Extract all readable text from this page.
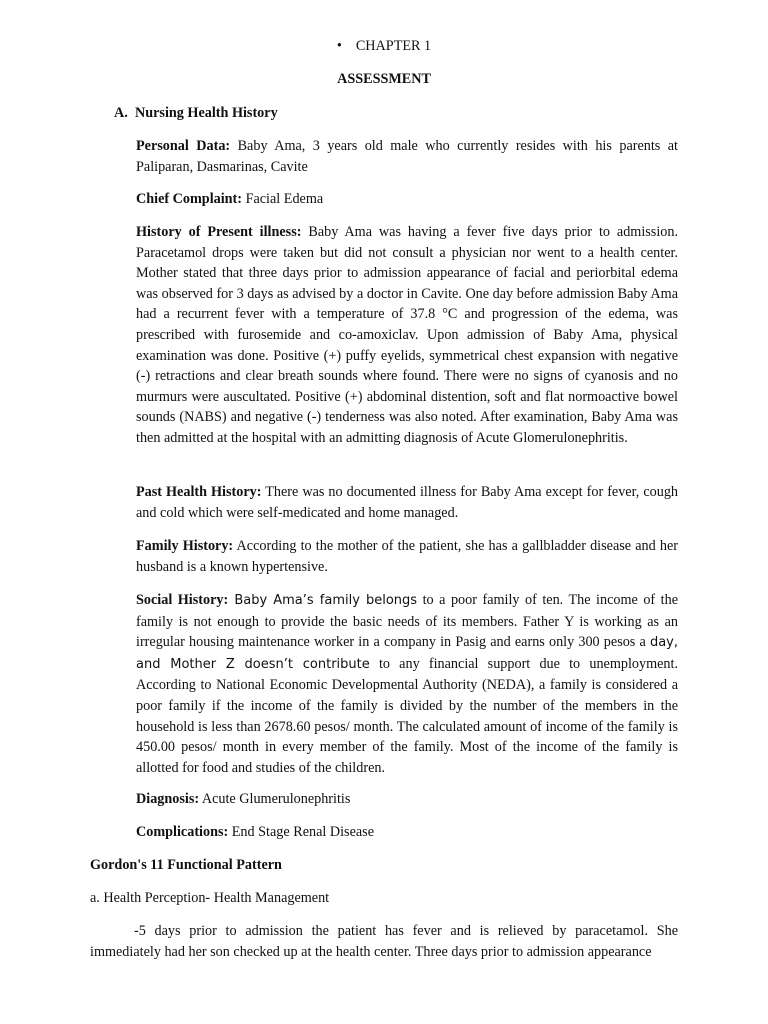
• CHAPTER 1
ASSESSMENT
A. Nursing Health History
Personal Data: Baby Ama, 3 years old male who currently resides with his parents at Paliparan, Dasmarinas, Cavite
Chief Complaint: Facial Edema
History of Present illness: Baby Ama was having a fever five days prior to admission. Paracetamol drops were taken but did not consult a physician nor went to a health center. Mother stated that three days prior to admission appearance of facial and periorbital edema was observed for 3 days as advised by a doctor in Cavite. One day before admission Baby Ama had a recurrent fever with a temperature of 37.8 °C and progression of the edema, was prescribed with furosemide and co-amoxiclav. Upon admission of Baby Ama, physical examination was done. Positive (+) puffy eyelids, symmetrical chest expansion with negative (-) retractions and clear breath sounds where found. There were no signs of cyanosis and no murmurs were auscultated. Positive (+) abdominal distention, soft and flat normoactive bowel sounds (NABS) and negative (-) tenderness was also noted. After examination, Baby Ama was then admitted at the hospital with an admitting diagnosis of Acute Glomerulonephritis.
Past Health History: There was no documented illness for Baby Ama except for fever, cough and cold which were self-medicated and home managed.
Family History: According to the mother of the patient, she has a gallbladder disease and her husband is a known hypertensive.
Social History: Baby Ama’s family belongs to a poor family of ten. The income of the family is not enough to provide the basic needs of its members. Father Y is working as an irregular housing maintenance worker in a company in Pasig and earns only 300 pesos a day, and Mother Z doesn’t contribute to any financial support due to unemployment. According to National Economic Developmental Authority (NEDA), a family is considered a poor family if the income of the family is divided by the number of the members in the household is less than 2678.60 pesos/ month. The calculated amount of income of the family is 450.00 pesos/ month in every member of the family. Most of the income of the family is allotted for food and studies of the children.
Diagnosis: Acute Glumerulonephritis
Complications: End Stage Renal Disease
Gordon's 11 Functional Pattern
a. Health Perception- Health Management
-5 days prior to admission the patient has fever and is relieved by paracetamol. She immediately had her son checked up at the health center. Three days prior to admission appearance
